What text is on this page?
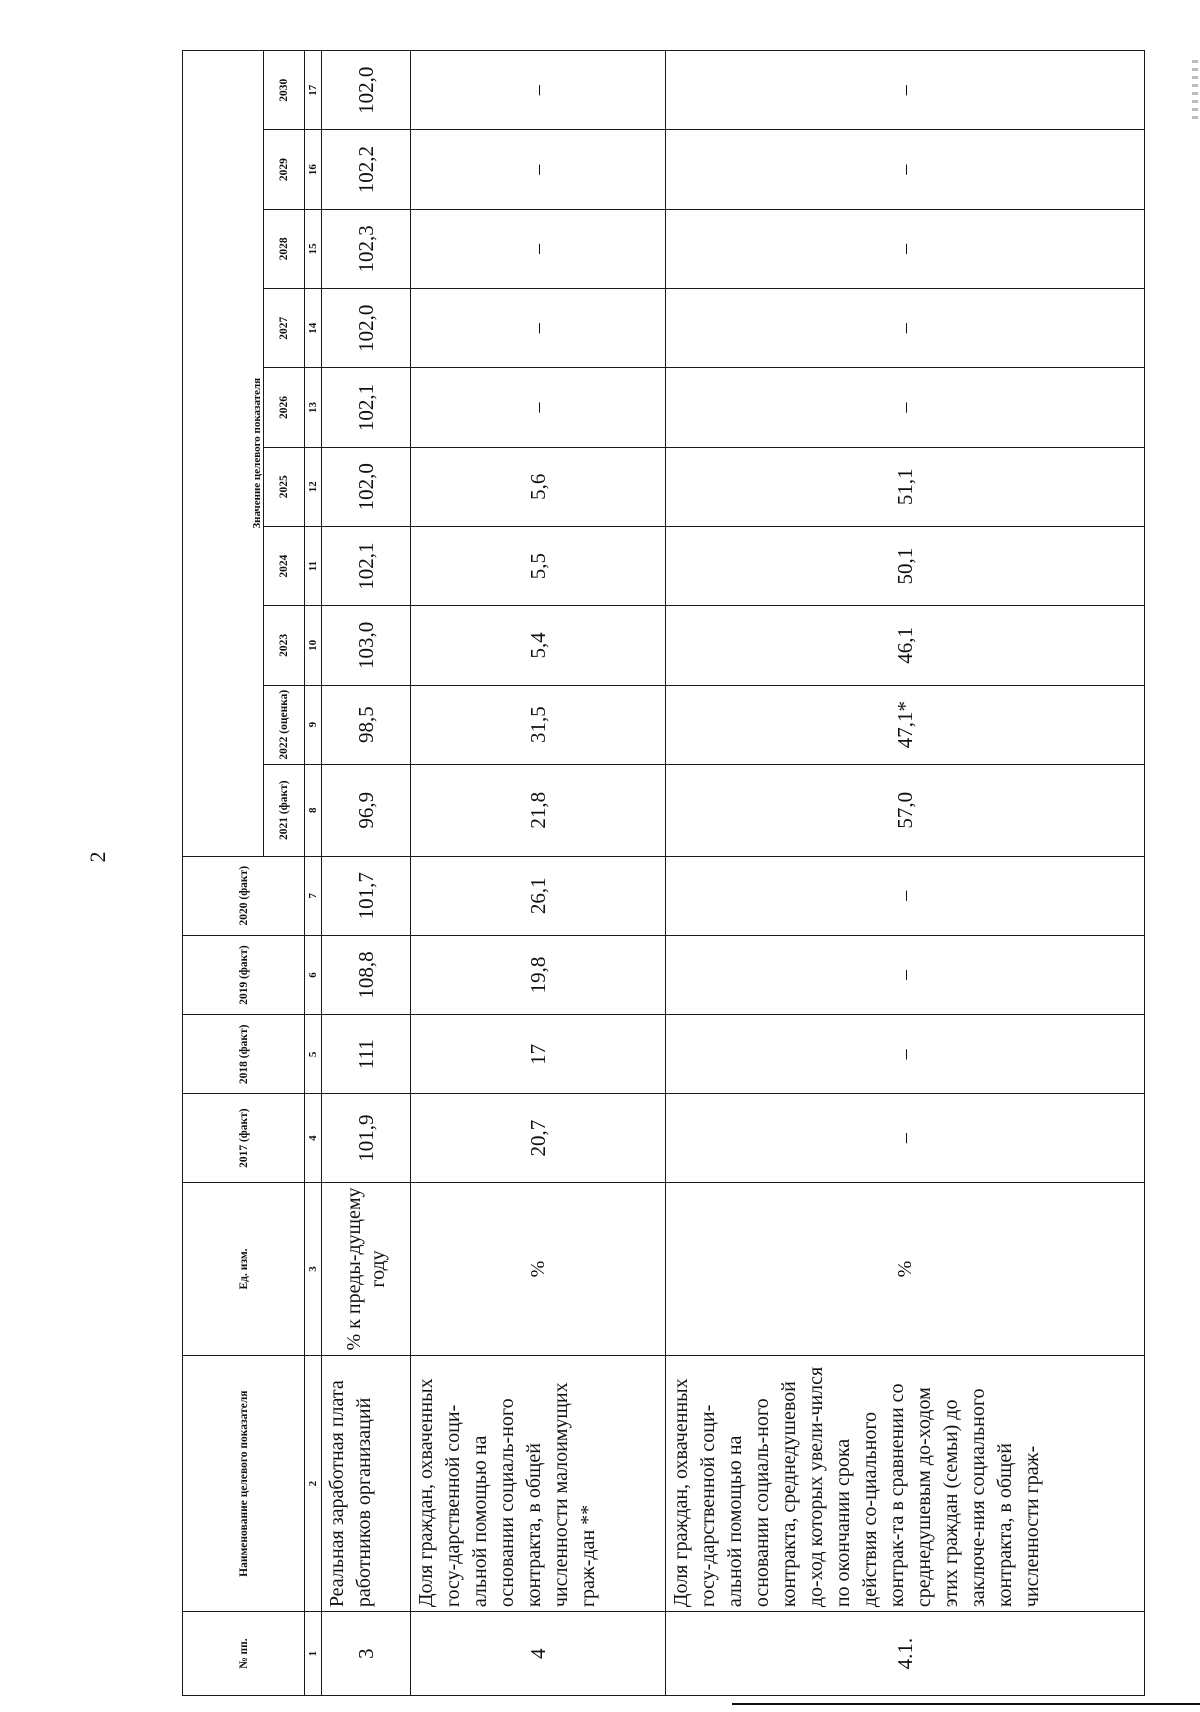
2
№ пп.	Наименование целевого показателя	Ед. изм.	2017 (факт)	2018 (факт)	2019 (факт)	2020 (факт)	Значение целевого показателя									
							2021 (факт)	2022 (оценка)	2023	2024	2025	2026	2027	2028	2029	2030
1	2	3	4	5	6	7	8	9	10	11	12	13	14	15	16	17
3	Реальная заработная плата работников организаций	% к преды-дущему году	101,9	111	108,8	101,7	96,9	98,5	103,0	102,1	102,0	102,1	102,0	102,3	102,2	102,0
4	Доля граждан, охваченных госу-дарственной соци-альной помощью на основании социаль-ного контракта, в общей численности малоимущих граж-дан **	%	20,7	17	19,8	26,1	21,8	31,5	5,4	5,5	5,6	–	–	–	–	–
4.1.	Доля граждан, охваченных госу-дарственной соци-альной помощью на основании социаль-ного контракта, среднедушевой до-ход которых увели-чился по окончании срока действия со-циального контрак-та в сравнении со среднедушевым до-ходом этих граждан (семьи) до заключе-ния социального контракта, в общей численности граж-	%	–	–	–	–	57,0	47,1*	46,1	50,1	51,1	–	–	–	–	–
